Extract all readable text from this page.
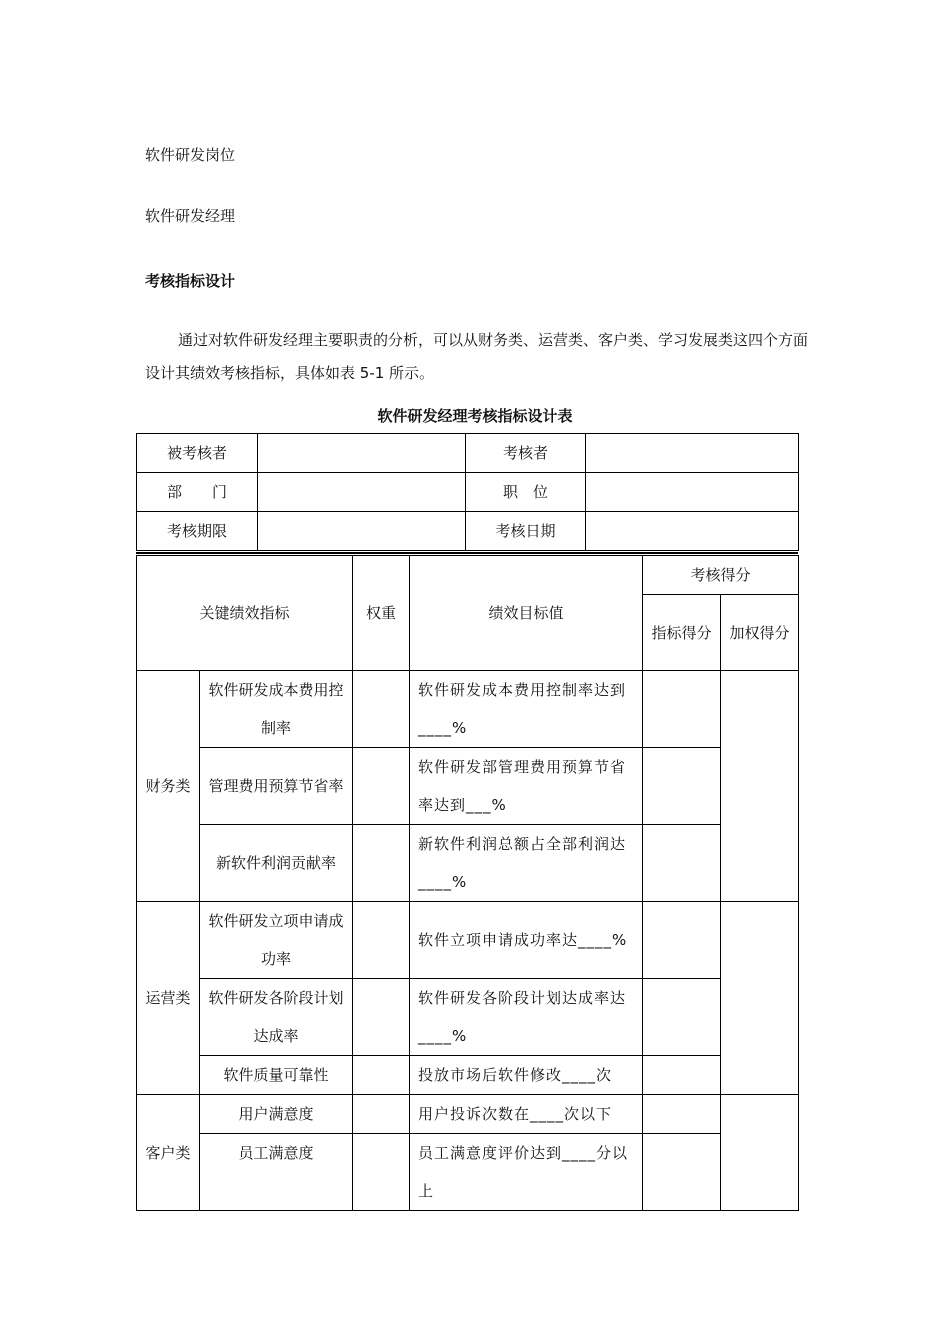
软件研发岗位
软件研发经理
考核指标设计
通过对软件研发经理主要职责的分析，可以从财务类、运营类、客户类、学习发展类这四个方面设计其绩效考核指标，具体如表 5-1 所示。
软件研发经理考核指标设计表
被考核者		考核者	
部　　门		职　位	
考核期限		考核日期	
关键绩效指标		权重	绩效目标值	考核得分	
				指标得分	加权得分

财务类	软件研发成本费用控制率		软件研发成本费用控制率达到____%		
	管理费用预算节省率		软件研发部管理费用预算节省率达到___%		
	新软件利润贡献率		新软件利润总额占全部利润达____%		
运营类	软件研发立项申请成功率		软件立项申请成功率达____%		
	软件研发各阶段计划达成率		软件研发各阶段计划达成率达____%		
	软件质量可靠性		投放市场后软件修改____次		
客户类	用户满意度		用户投诉次数在____次以下		
	员工满意度		员工满意度评价达到____分以上		
